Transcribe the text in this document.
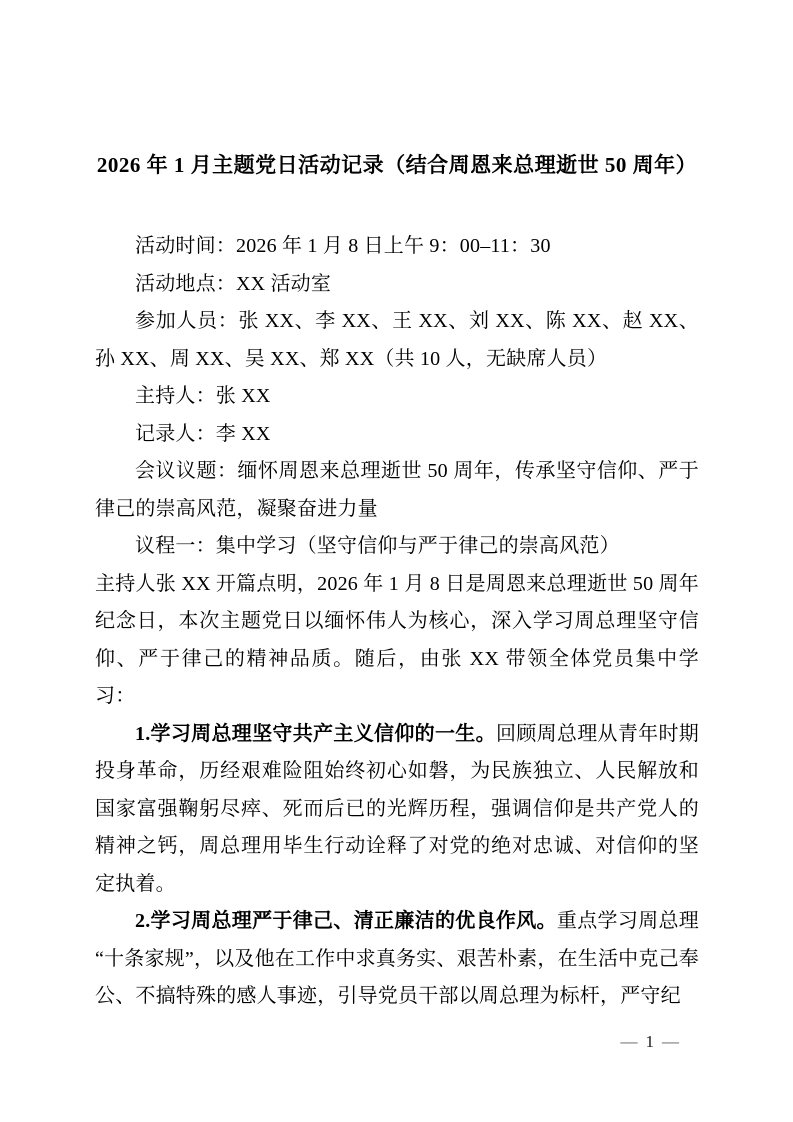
2026 年 1 月主题党日活动记录（结合周恩来总理逝世 50 周年）

活动时间：2026 年 1 月 8 日上午 9：00–11：30

活动地点：XX 活动室

参加人员：张 XX、李 XX、王 XX、刘 XX、陈 XX、赵 XX、孙 XX、周 XX、吴 XX、郑 XX（共 10 人，无缺席人员）

主持人：张 XX

记录人：李 XX

会议议题：缅怀周恩来总理逝世 50 周年，传承坚守信仰、严于律己的崇高风范，凝聚奋进力量

议程一：集中学习（坚守信仰与严于律己的崇高风范）

主持人张 XX 开篇点明，2026 年 1 月 8 日是周恩来总理逝世 50 周年纪念日，本次主题党日以缅怀伟人为核心，深入学习周总理坚守信仰、严于律己的精神品质。随后，由张 XX 带领全体党员集中学习：

1.学习周总理坚守共产主义信仰的一生。回顾周总理从青年时期投身革命，历经艰难险阻始终初心如磐，为民族独立、人民解放和国家富强鞠躬尽瘁、死而后已的光辉历程，强调信仰是共产党人的精神之钙，周总理用毕生行动诠释了对党的绝对忠诚、对信仰的坚定执着。

2.学习周总理严于律己、清正廉洁的优良作风。重点学习周总理“十条家规”，以及他在工作中求真务实、艰苦朴素，在生活中克己奉公、不搞特殊的感人事迹，引导党员干部以周总理为标杆，严守纪

— 1 —
